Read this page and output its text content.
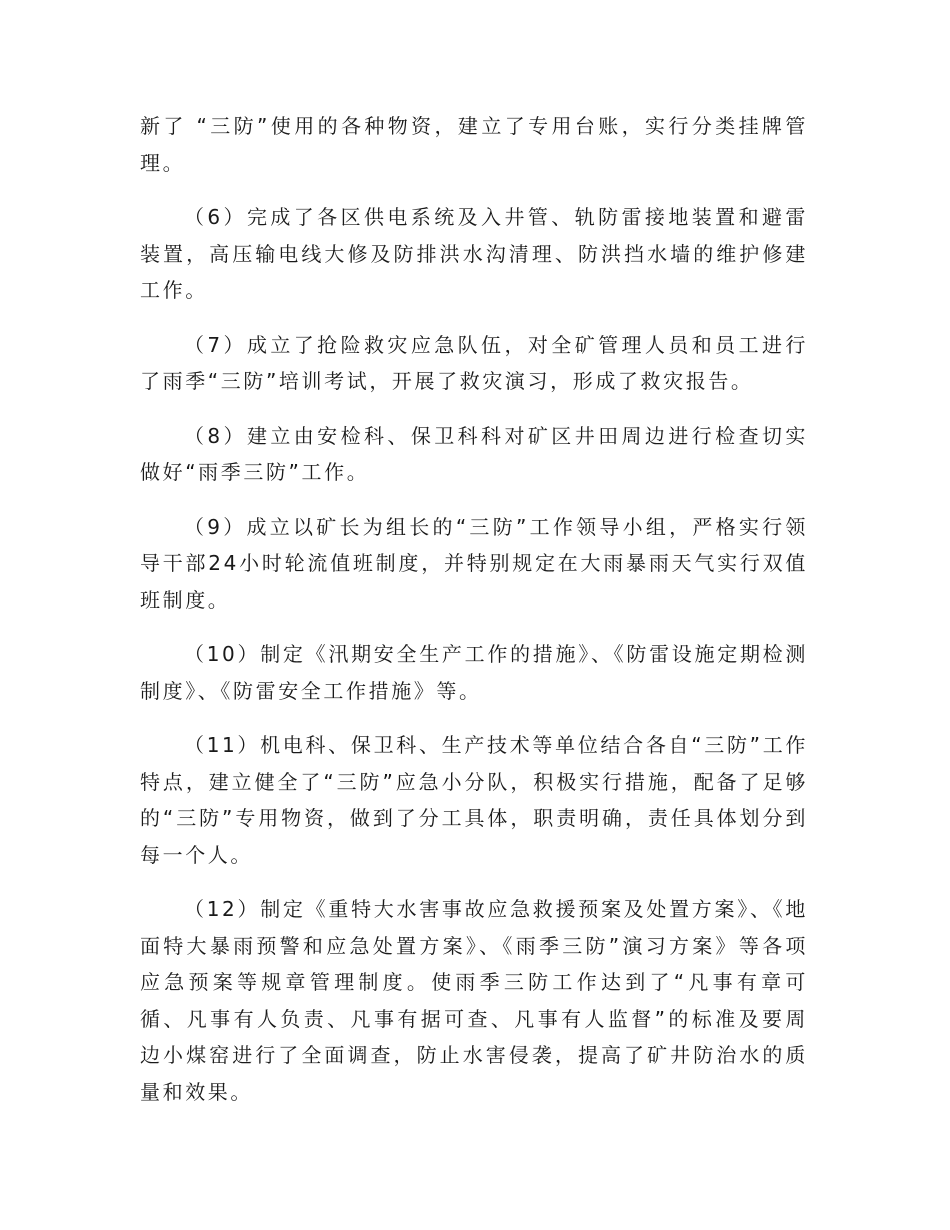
新了 “三防”使用的各种物资，建立了专用台账，实行分类挂牌管理。

（6）完成了各区供电系统及入井管、轨防雷接地装置和避雷装置，高压输电线大修及防排洪水沟清理、防洪挡水墙的维护修建工作。

（7）成立了抢险救灾应急队伍，对全矿管理人员和员工进行了雨季“三防”培训考试，开展了救灾演习，形成了救灾报告。

（8）建立由安检科、保卫科科对矿区井田周边进行检查切实做好“雨季三防”工作。

（9）成立以矿长为组长的“三防”工作领导小组，严格实行领导干部24小时轮流值班制度，并特别规定在大雨暴雨天气实行双值班制度。

（10）制定《汛期安全生产工作的措施》、《防雷设施定期检测制度》、《防雷安全工作措施》等。

（11）机电科、保卫科、生产技术等单位结合各自“三防”工作特点，建立健全了“三防”应急小分队，积极实行措施，配备了足够的“三防”专用物资，做到了分工具体，职责明确，责任具体划分到每一个人。

（12）制定《重特大水害事故应急救援预案及处置方案》、《地面特大暴雨预警和应急处置方案》、《雨季三防”演习方案》等各项应急预案等规章管理制度。使雨季三防工作达到了“凡事有章可循、凡事有人负责、凡事有据可查、凡事有人监督”的标准及要周边小煤窑进行了全面调查，防止水害侵袭，提高了矿井防治水的质量和效果。
